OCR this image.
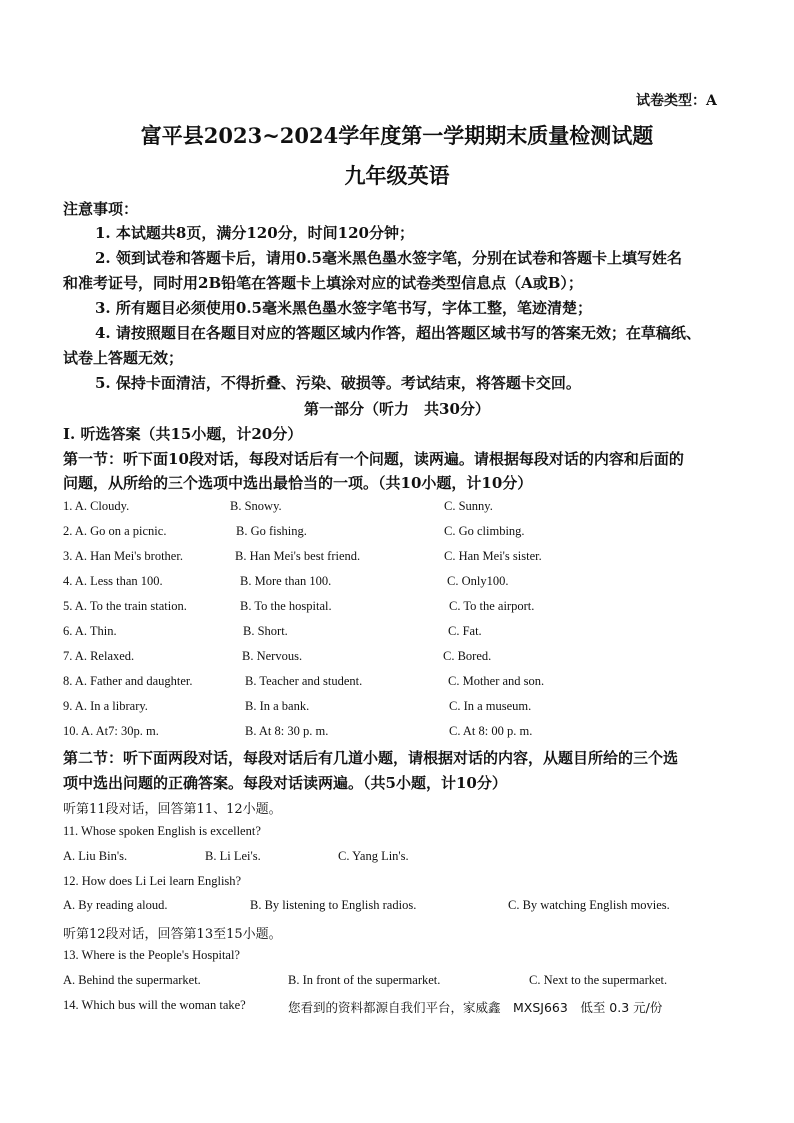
试卷类型：A
富平县2023~2024学年度第一学期期末质量检测试题
九年级英语
注意事项：
1. 本试题共8页，满分120分，时间120分钟；
2. 领到试卷和答题卡后，请用0.5毫米黑色墨水签字笔，分别在试卷和答题卡上填写姓名
和准考证号，同时用2B铅笔在答题卡上填涂对应的试卷类型信息点（A或B）；
3. 所有题目必须使用0.5毫米黑色墨水签字笔书写，字体工整，笔迹清楚；
4. 请按照题目在各题目对应的答题区域内作答，超出答题区域书写的答案无效；在草稿纸、
试卷上答题无效；
5. 保持卡面清洁，不得折叠、污染、破损等。考试结束，将答题卡交回。
第一部分（听力　共30分）
I. 听选答案（共15小题，计20分）
第一节：听下面10段对话，每段对话后有一个问题，读两遍。请根据每段对话的内容和后面的
问题，从所给的三个选项中选出最恰当的一项。（共10小题，计10分）
1. A. Cloudy.	B. Snowy.	C. Sunny.
2. A. Go on a picnic.	B. Go fishing.	C. Go climbing.
3. A. Han Mei's brother.	B. Han Mei's best friend.	C. Han Mei's sister.
4. A. Less than 100.	B. More than 100.	C. Only100.
5. A. To the train station.	B. To the hospital.	C. To the airport.
6. A. Thin.	B. Short.	C. Fat.
7. A. Relaxed.	B. Nervous.	C. Bored.
8. A. Father and daughter.	B. Teacher and student.	C. Mother and son.
9. A. In a library.	B. In a bank.	C. In a museum.
10. A. At7: 30p. m.	B. At 8: 30 p. m.	C. At 8: 00 p. m.
第二节：听下面两段对话，每段对话后有几道小题，请根据对话的内容，从题目所给的三个选
项中选出问题的正确答案。每段对话读两遍。（共5小题，计10分）
听第11段对话，回答第11、12小题。
11. Whose spoken English is excellent?
A. Liu Bin's.	B. Li Lei's.	C. Yang Lin's.
12. How does Li Lei learn English?
A. By reading aloud.	B. By listening to English radios.	C. By watching English movies.
听第12段对话，回答第13至15小题。
13. Where is the People's Hospital?
A. Behind the supermarket.	B. In front of the supermarket.	C. Next to the supermarket.
14. Which bus will the woman take?	您看到的资料都源自我们平台，家威鑫　MXSJ663　低至 0.3 元/份
